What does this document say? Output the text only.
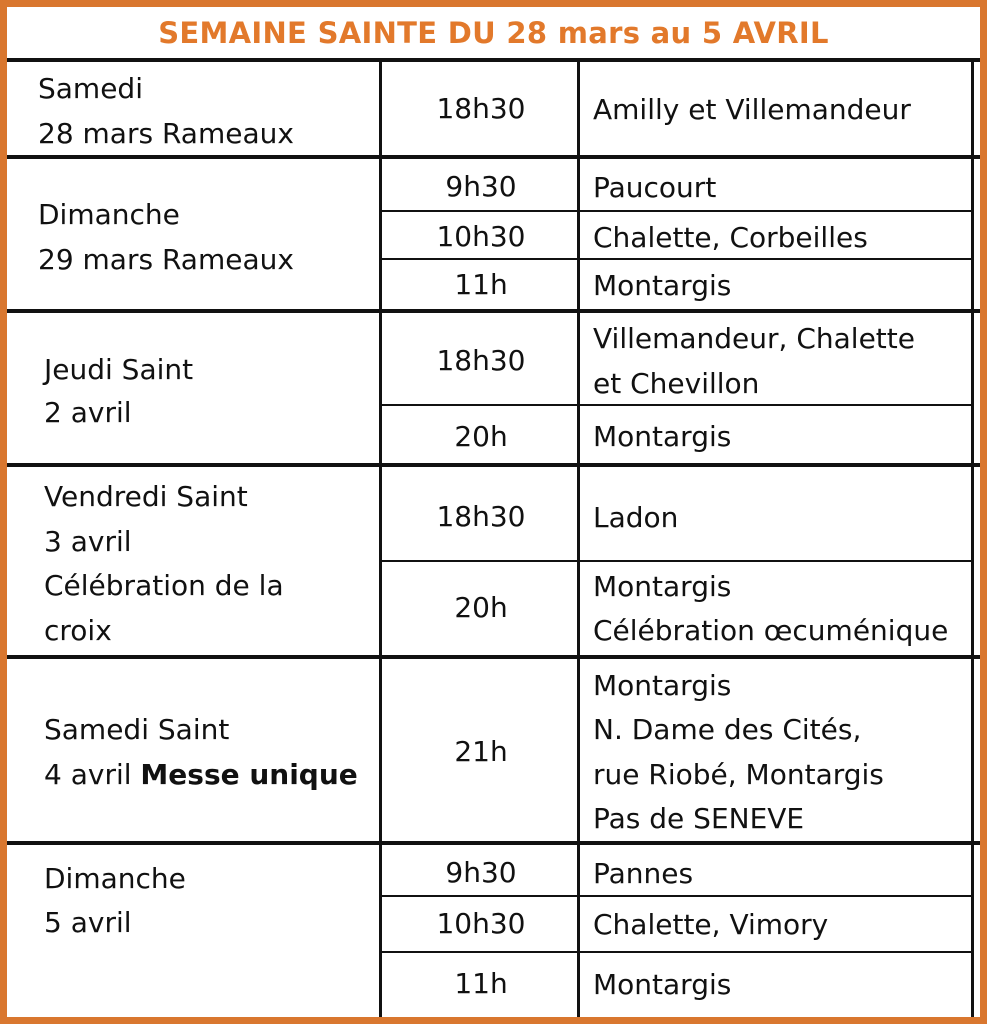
SEMAINE SAINTE DU 28 mars au 5 AVRIL
Samedi
28 mars Rameaux
Dimanche
29 mars Rameaux
Jeudi Saint
2 avril
Vendredi Saint
3 avril
Célébration de la
croix
Samedi Saint
4 avril Messe unique
Dimanche
5 avril
18h30
9h30
10h30
11h
18h30
20h
18h30
20h
21h
9h30
10h30
11h
Amilly et Villemandeur
Paucourt
Chalette, Corbeilles
Montargis
Villemandeur, Chalette
et Chevillon
Montargis
Ladon
Montargis
Célébration œcuménique
Montargis
N. Dame des Cités,
rue Riobé, Montargis
Pas de SENEVE
Pannes
Chalette, Vimory
Montargis
